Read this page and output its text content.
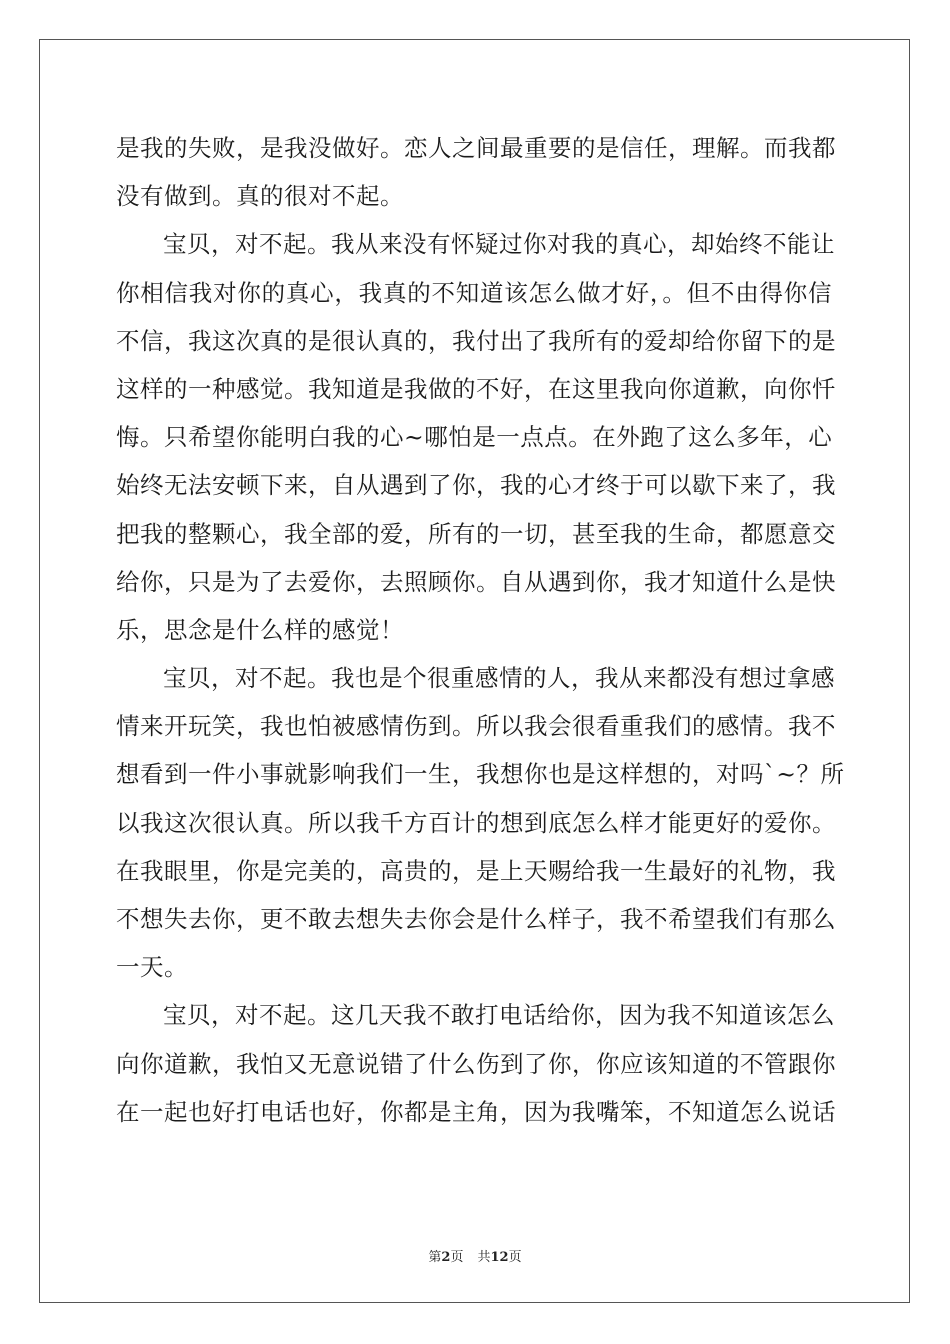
是我的失败，是我没做好。恋人之间最重要的是信任，理解。而我都
没有做到。真的很对不起。
宝贝，对不起。我从来没有怀疑过你对我的真心，却始终不能让
你相信我对你的真心，我真的不知道该怎么做才好，。但不由得你信
不信，我这次真的是很认真的，我付出了我所有的爱却给你留下的是
这样的一种感觉。我知道是我做的不好，在这里我向你道歉，向你忏
悔。只希望你能明白我的心~哪怕是一点点。在外跑了这么多年，心
始终无法安顿下来，自从遇到了你，我的心才终于可以歇下来了，我
把我的整颗心，我全部的爱，所有的一切，甚至我的生命，都愿意交
给你，只是为了去爱你，去照顾你。自从遇到你，我才知道什么是快
乐，思念是什么样的感觉！
宝贝，对不起。我也是个很重感情的人，我从来都没有想过拿感
情来开玩笑，我也怕被感情伤到。所以我会很看重我们的感情。我不
想看到一件小事就影响我们一生，我想你也是这样想的，对吗`~？所
以我这次很认真。所以我千方百计的想到底怎么样才能更好的爱你。
在我眼里，你是完美的，高贵的，是上天赐给我一生最好的礼物，我
不想失去你，更不敢去想失去你会是什么样子，我不希望我们有那么
一天。
宝贝，对不起。这几天我不敢打电话给你，因为我不知道该怎么
向你道歉，我怕又无意说错了什么伤到了你，你应该知道的不管跟你
在一起也好打电话也好，你都是主角，因为我嘴笨，不知道怎么说话
第2页 共12页
